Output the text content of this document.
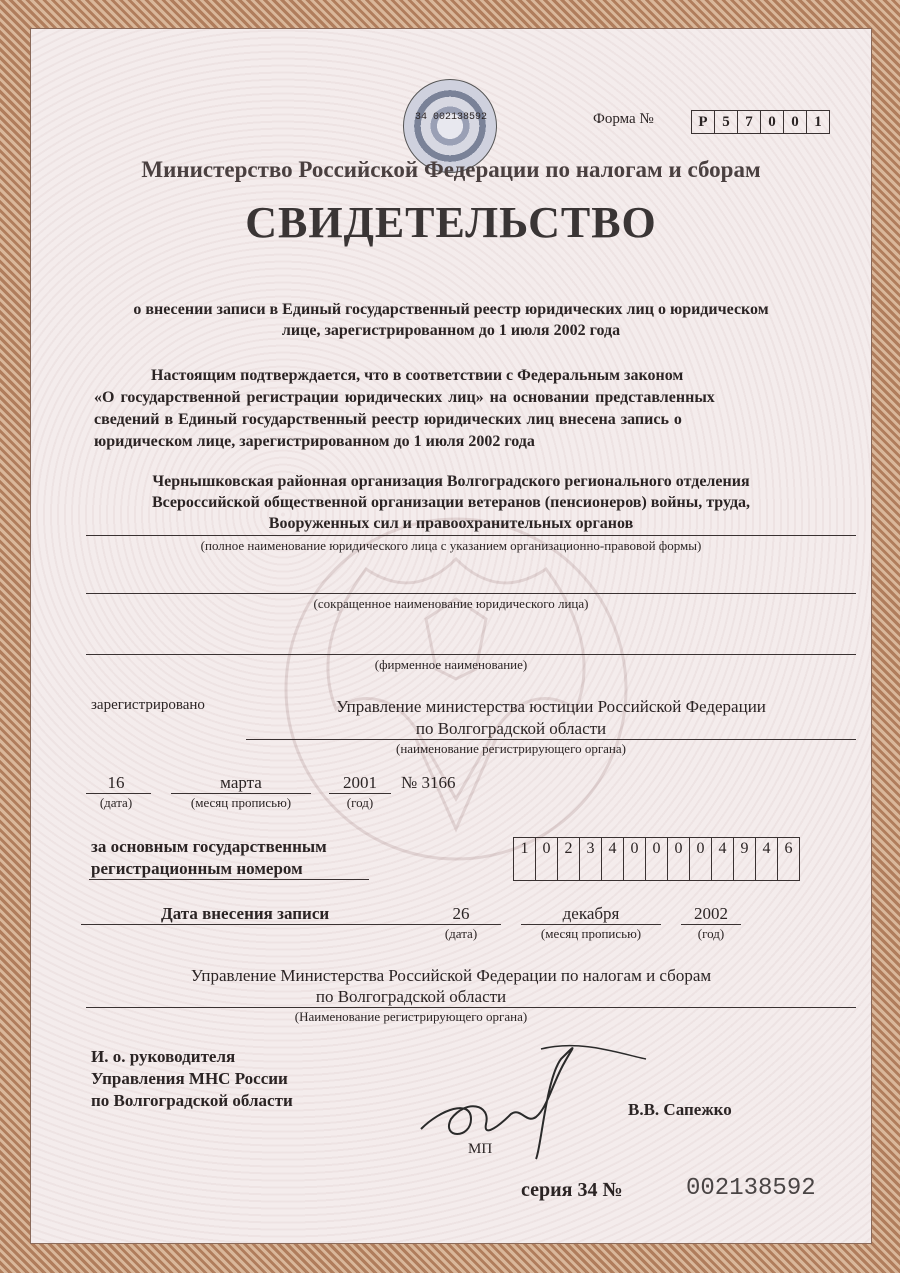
34 002138592	Форма №	Р 5	7	0	0	1
Министерство Российской Федерации по налогам и сборам
СВИДЕТЕЛЬСТВО
о внесении записи в Единый государственный реестр юридических лиц о юридическом
лице, зарегистрированном до 1 июля 2002 года
Настоящим подтверждается, что в соответствии с Федеральным законом
«О государственной регистрации юридических лиц» на основании представленных
сведений в Единый государственный реестр юридических лиц внесена запись о
юридическом лице, зарегистрированном до 1 июля 2002 года
Чернышковская районная организация Волгоградского регионального отделения
Всероссийской общественной организации ветеранов (пенсионеров) войны, труда,
Вооруженных сил и правоохранительных органов
(полное наименование юридического лица с указанием организационно-правовой формы)
(сокращенное наименование юридического лица)
(фирменное наименование)
зарегистрировано	Управление министерства юстиции Российской Федерации
по Волгоградской области
(наименование регистрирующего органа)
16
(дата)
марта
(месяц прописью)
2001
(год)
№ 3166
за основным государственным
регистрационным номером
1 0 2 3 4 0 0 0 0 4 9 4 6
Дата внесения записи	26
(дата)
декабря
(месяц прописью)
2002
(год)
Управление Министерства Российской Федерации по налогам и сборам
по Волгоградской области
(Наименование регистрирующего органа)
И. о. руководителя
Управления МНС России
по Волгоградской области	В.В. Сапежко
МП
серия 34 №	002138592
